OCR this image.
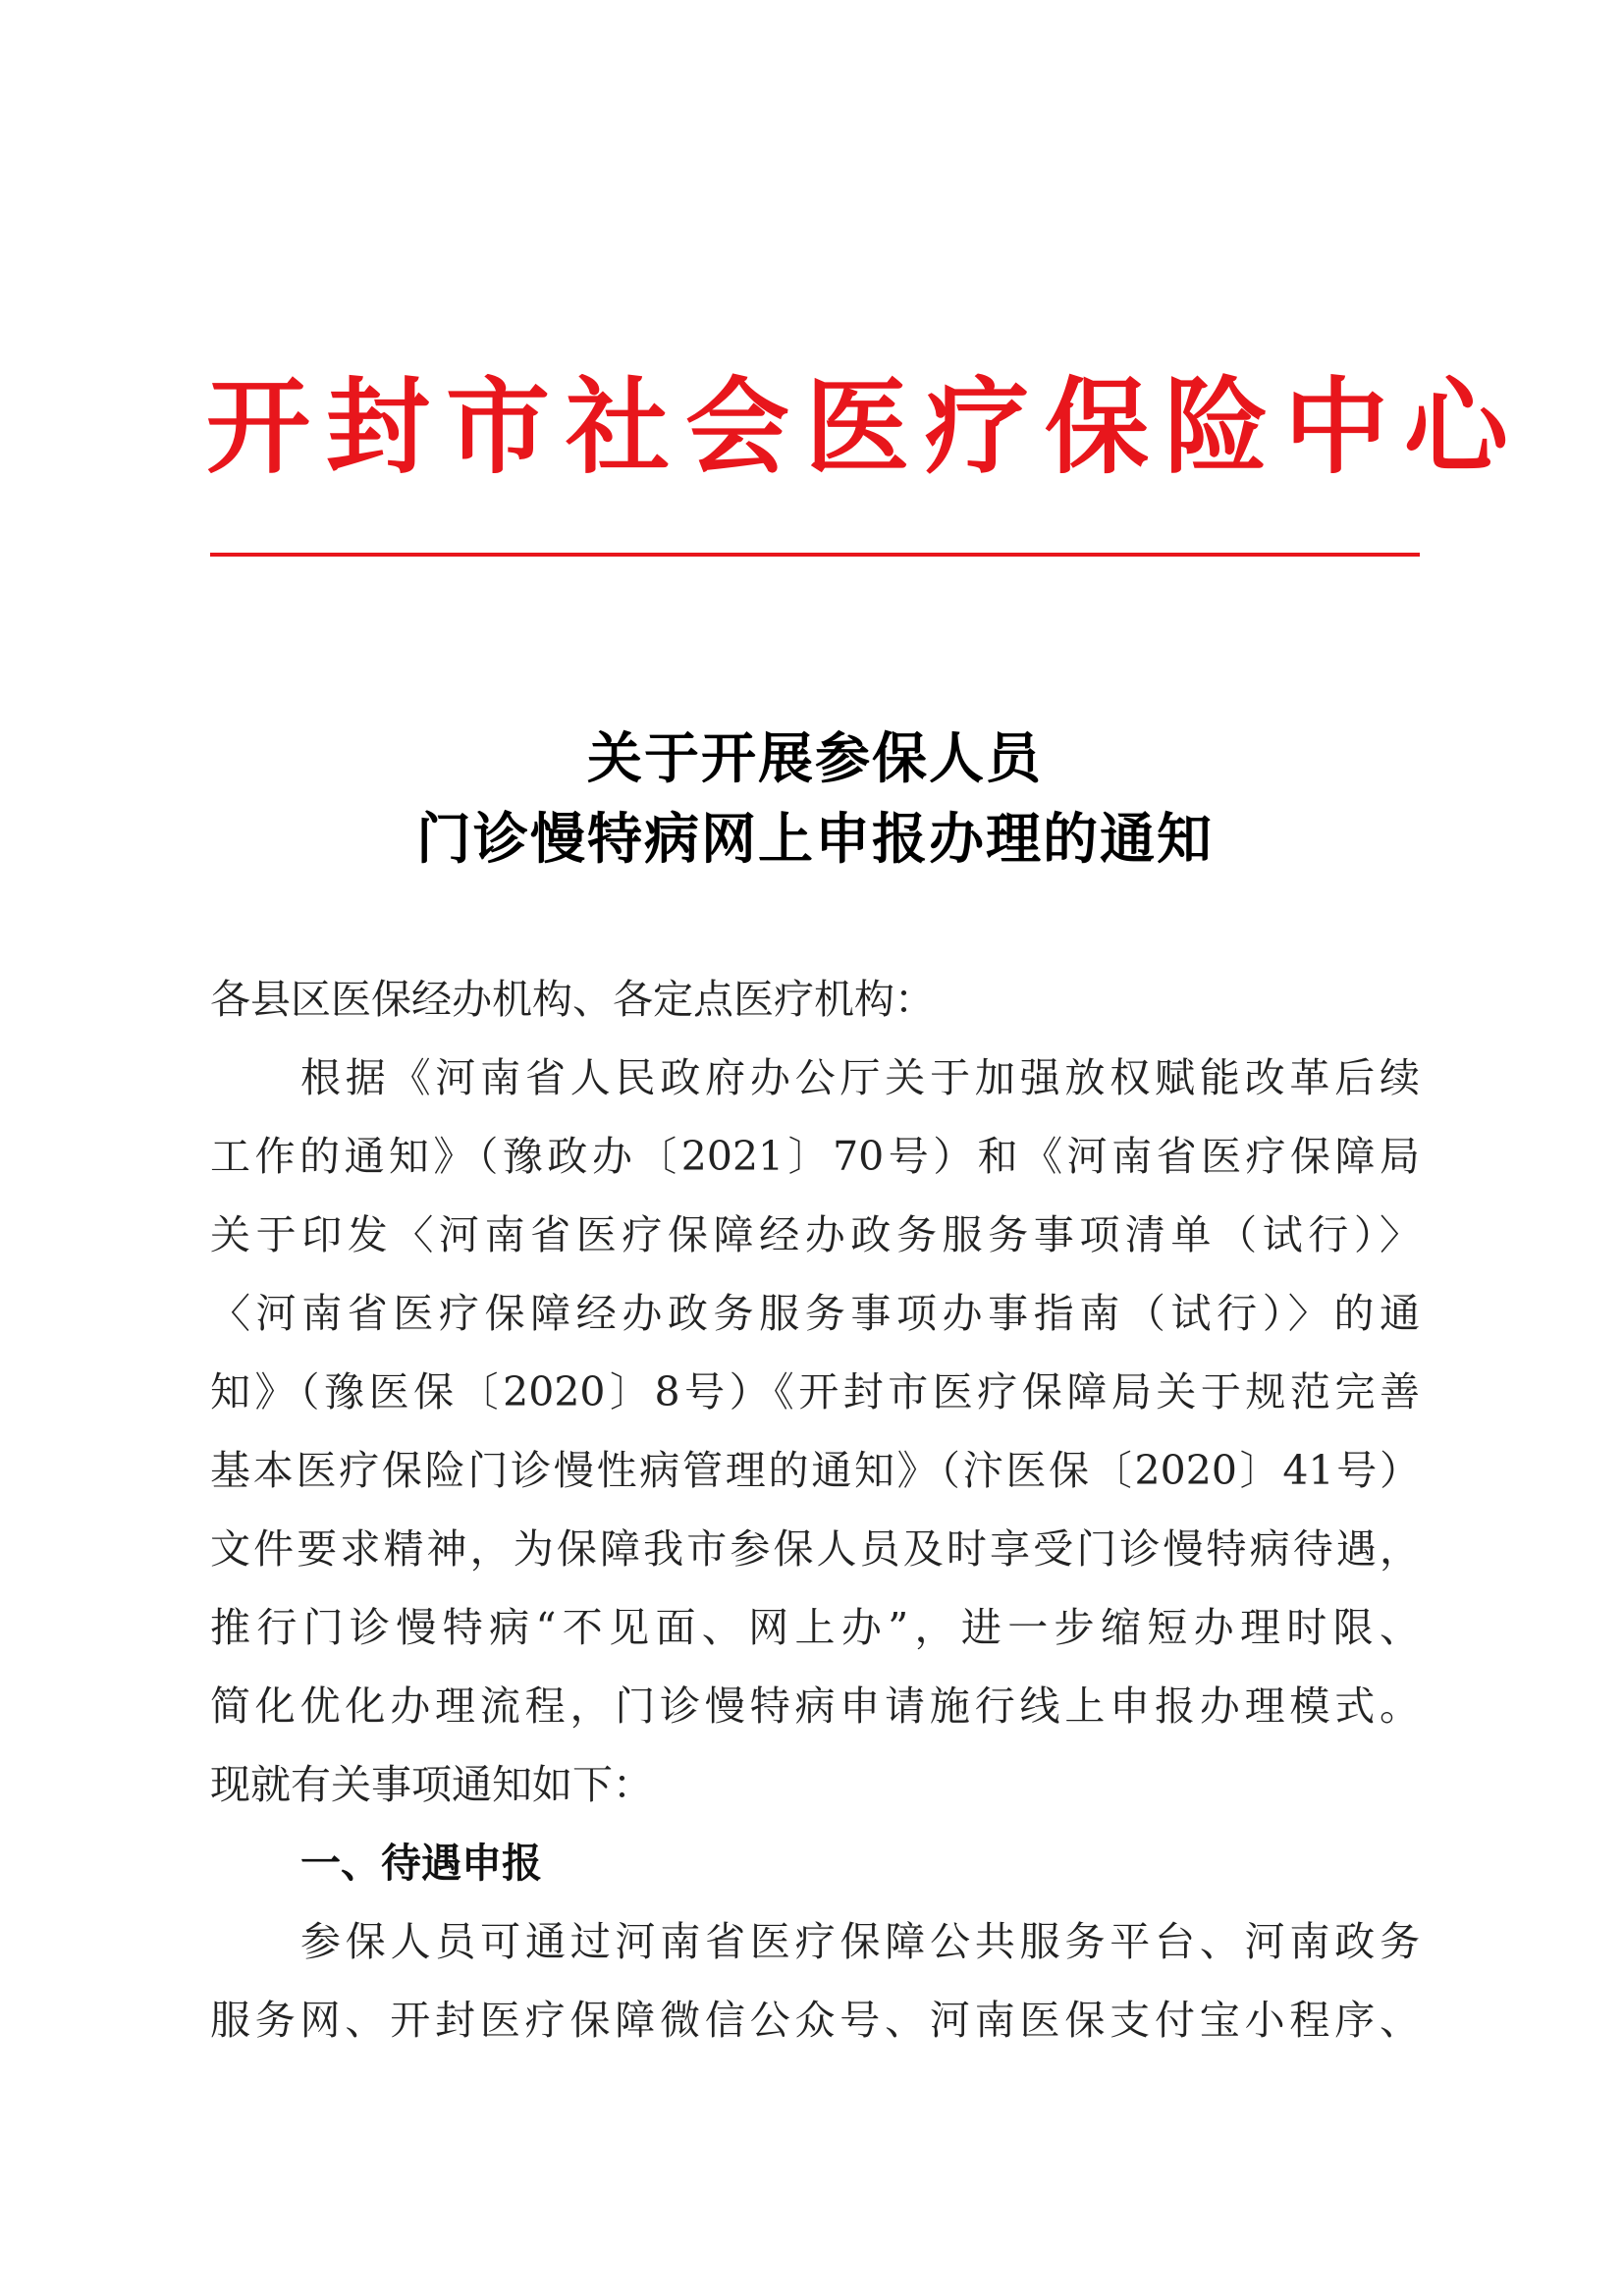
开封市社会医疗保险中心
关于开展参保人员
门诊慢特病网上申报办理的通知
各县区医保经办机构、各定点医疗机构：
根据《河南省人民政府办公厅关于加强放权赋能改革后续
工作的通知》（豫政办〔2021〕70号）和《河南省医疗保障局
关于印发〈河南省医疗保障经办政务服务事项清单（试行）〉
〈河南省医疗保障经办政务服务事项办事指南（试行）〉的通
知》（豫医保〔2020〕8号）《开封市医疗保障局关于规范完善
基本医疗保险门诊慢性病管理的通知》（汴医保〔2020〕41号）
文件要求精神，为保障我市参保人员及时享受门诊慢特病待遇，
推行门诊慢特病“不见面、网上办”，进一步缩短办理时限、
简化优化办理流程，门诊慢特病申请施行线上申报办理模式。
现就有关事项通知如下：
一、待遇申报
参保人员可通过河南省医疗保障公共服务平台、河南政务
服务网、开封医疗保障微信公众号、河南医保支付宝小程序、
